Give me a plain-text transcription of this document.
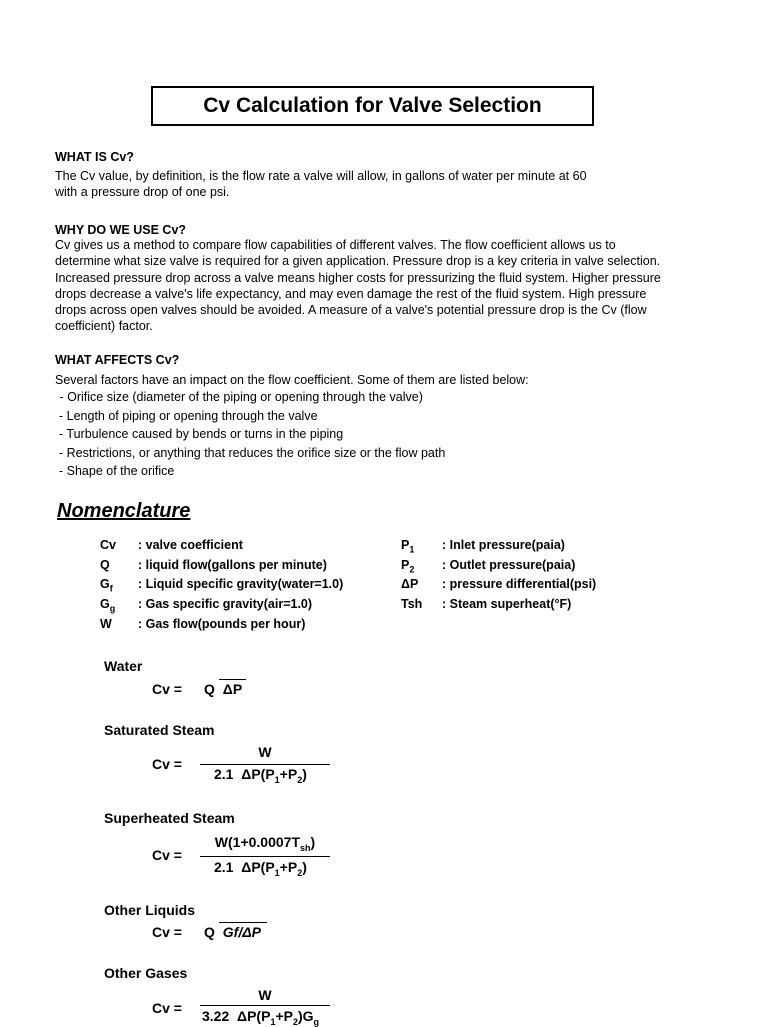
Cv Calculation for Valve Selection
WHAT IS Cv?

The Cv value, by definition, is the flow rate a valve will allow, in gallons of water per minute at 60

with a pressure drop of one psi.

WHY DO WE USE Cv?

Cv gives us a method to compare flow capabilities of different valves. The flow coefficient allows us to

determine what size valve is required for a given application. Pressure drop is a key criteria in valve selection.

Increased pressure drop across a valve means higher costs for pressurizing the fluid system. Higher pressure

drops decrease a valve's life expectancy, and may even damage the rest of the fluid system. High pressure

drops across open valves should be avoided. A measure of a valve's potential pressure drop is the Cv (flow

coefficient) factor.

WHAT AFFECTS Cv?
Several factors have an impact on the flow coefficient. Some of them are listed below:
- Orifice size (diameter of the piping or opening through the valve)
- Length of piping or opening through the valve
- Turbulence caused by bends or turns in the piping
- Restrictions, or anything that reduces the orifice size or the flow path
- Shape of the orifice
Nomenclature
Cv : valve coefficient
Q : liquid flow(gallons per minute)
$G_f$ : Liquid specific gravity(water=1.0)
$G_g$ : Gas specific gravity(air=1.0)
W : Gas flow(pounds per hour)
$P_1$ : Inlet pressure(paia)
$P_2$ : Outlet pressure(paia)
ΔP : pressure differential(psi)
Tsh : Steam superheat(°F)
Water
Cv = Q ΔP
Saturated Steam
Cv =
W
2.1 $\Delta P(P_1+P_2)$
Superheated Steam
Cv =
$W(1+0.0007T_{sh})$
2.1 $\Delta P(P_1+P_2)$
Other Liquids
Cv = Q Gf/ΔP
Other Gases
Cv =
W
3.22 $\Delta P(P_1+P_2)G_g$
